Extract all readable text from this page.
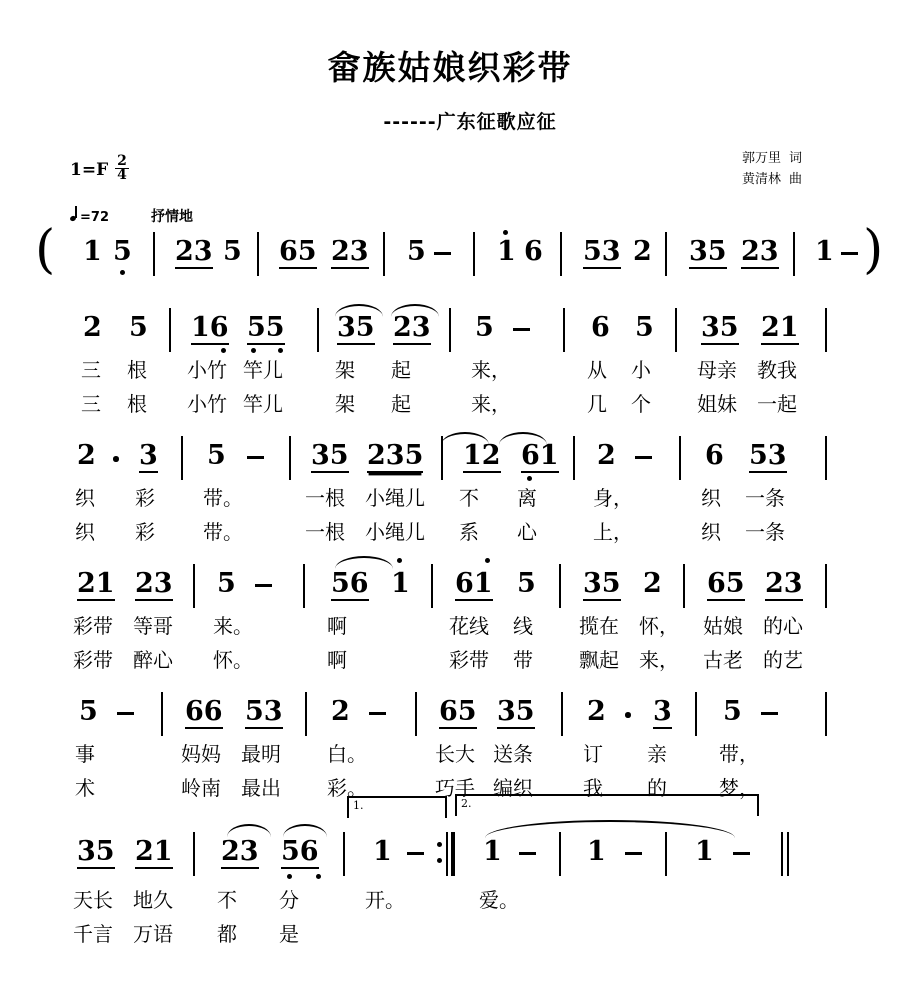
畲族姑娘织彩带
------广东征歌应征
$1=F \frac{2}{4}$	郭万里 词
黄清林 曲
=72	抒情地
( 1 5 23 5 65 23 5	1 6 53 2 35 23 1 )
2 5 16 55 35 23 5	6 5 35 21
三 根 小竹 竿儿	架 起	来，	从 小 母亲 教我
三 根 小竹 竿儿	架 起	来，	几 个 姐妹 一起
2 3 5	35 235 12 61 2	6 53
织 彩 带。	一根 小绳儿 不 离	身，	织 一条
织 彩 带。	一根 小绳儿 系 心	上，	织 一条
21 23 5	56 1 61 5 35 2 65 23
彩带 等哥 来。	啊	花线 线 揽在 怀， 姑娘 的心
彩带 醉心 怀。	啊	彩带 带 飘起 来， 古老 的艺
5	66 53 2	65 35 2 3 5
事	妈妈 最明 白。	长大 送条	订 亲	带，
术	岭南 最出 彩。	巧手 编织	我 的	梦，
1.	2.
35 21 23 56 1	1	1	1
天长 地久 不 分	开。	爱。
千言 万语 都 是
